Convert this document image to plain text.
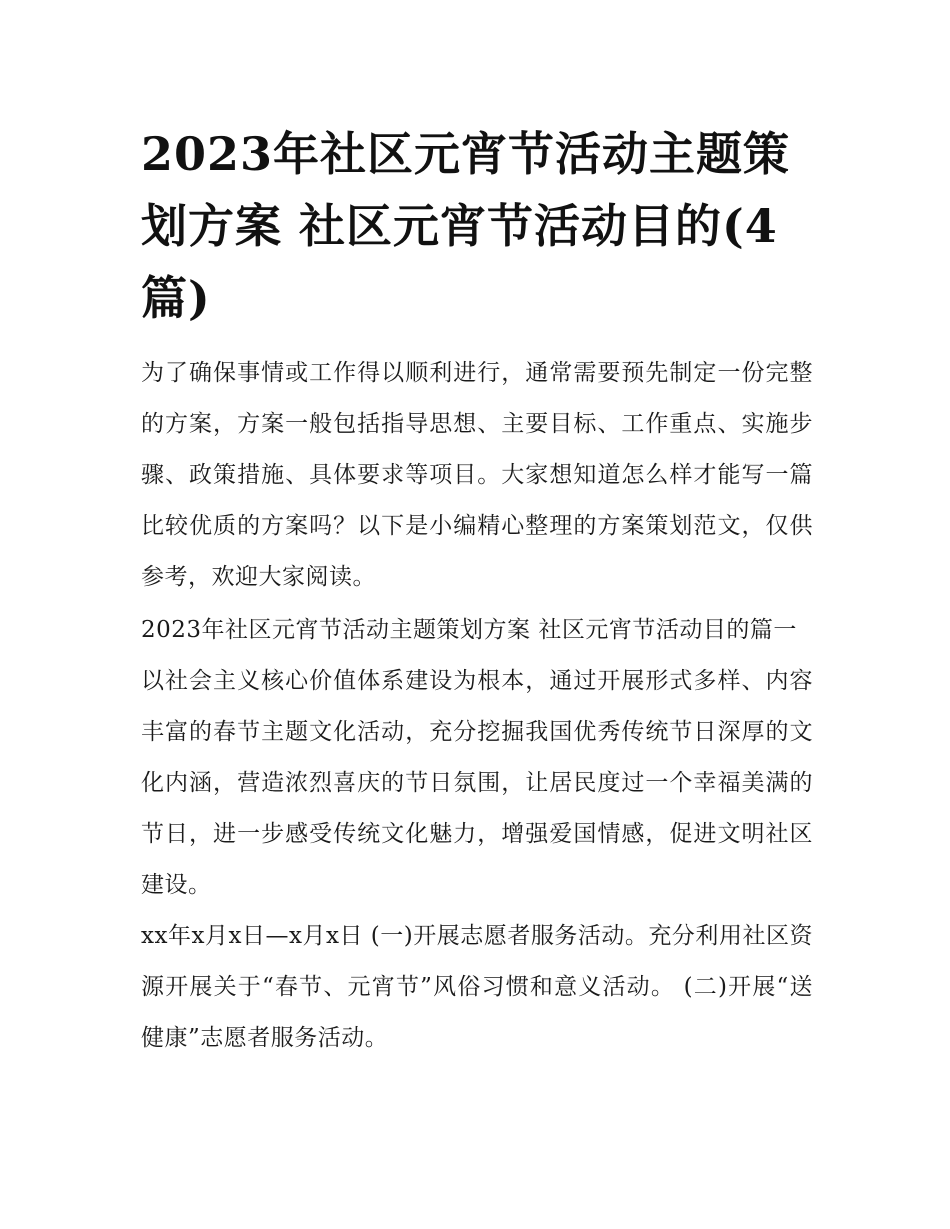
2023年社区元宵节活动主题策划方案 社区元宵节活动目的(4篇)

为了确保事情或工作得以顺利进行，通常需要预先制定一份完整的方案，方案一般包括指导思想、主要目标、工作重点、实施步骤、政策措施、具体要求等项目。大家想知道怎么样才能写一篇比较优质的方案吗？以下是小编精心整理的方案策划范文，仅供参考，欢迎大家阅读。

2023年社区元宵节活动主题策划方案 社区元宵节活动目的篇一

以社会主义核心价值体系建设为根本，通过开展形式多样、内容丰富的春节主题文化活动，充分挖掘我国优秀传统节日深厚的文化内涵，营造浓烈喜庆的节日氛围，让居民度过一个幸福美满的节日，进一步感受传统文化魅力，增强爱国情感，促进文明社区建设。

xx年x月x日—x月x日 (一)开展志愿者服务活动。充分利用社区资源开展关于“春节、元宵节”风俗习惯和意义活动。 (二)开展“送健康”志愿者服务活动。
